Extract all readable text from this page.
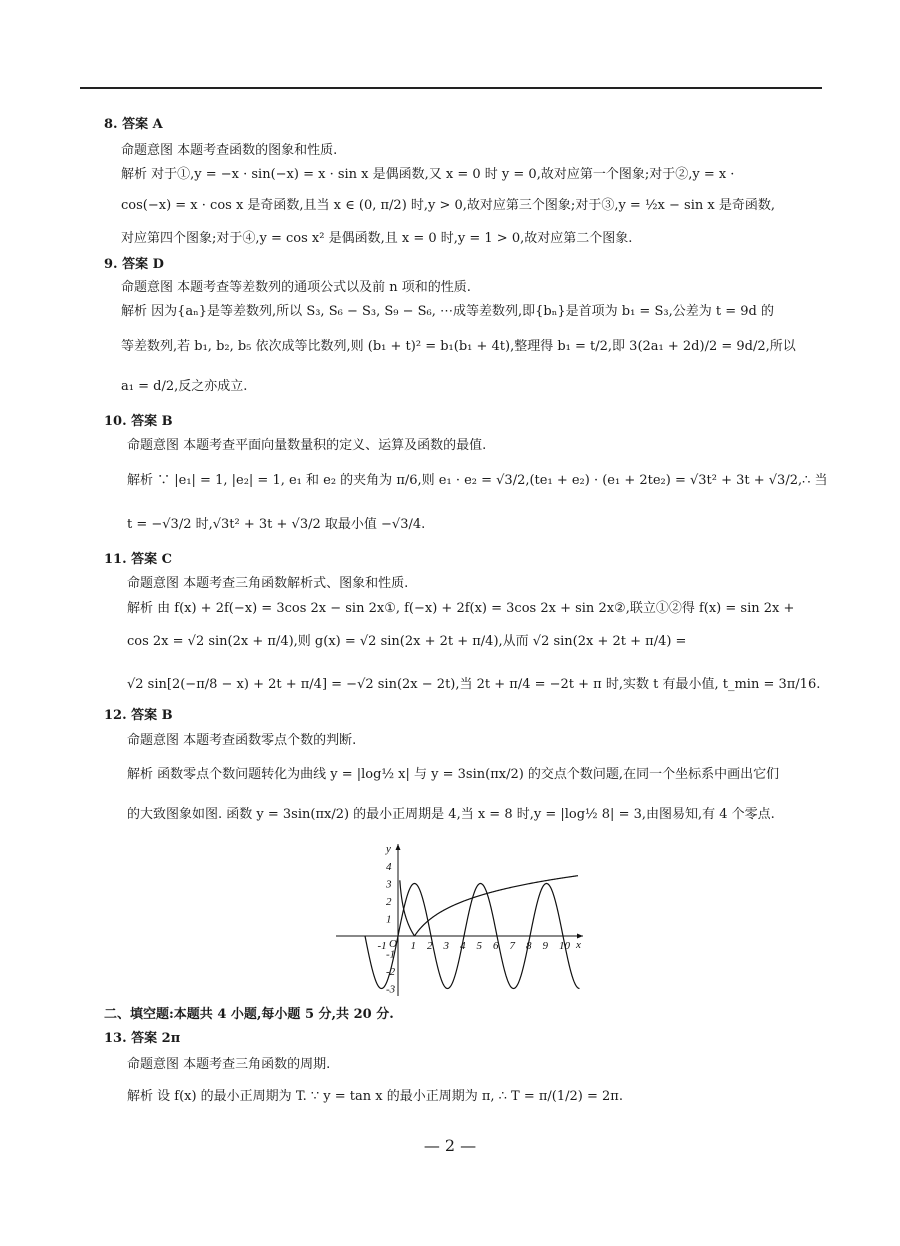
8. 答案 A
命题意图 本题考查函数的图象和性质.
解析 对于①,y = −x · sin(−x) = x · sin x 是偶函数,又 x = 0 时 y = 0,故对应第一个图象;对于②,y = x ·
cos(−x) = x · cos x 是奇函数,且当 x ∈ (0, π/2) 时,y > 0,故对应第三个图象;对于③,y = ½x − sin x 是奇函数,
对应第四个图象;对于④,y = cos x² 是偶函数,且 x = 0 时,y = 1 > 0,故对应第二个图象.
9. 答案 D
命题意图 本题考查等差数列的通项公式以及前 n 项和的性质.
解析 因为{aₙ}是等差数列,所以 S₃, S₆ − S₃, S₉ − S₆, ⋯成等差数列,即{bₙ}是首项为 b₁ = S₃,公差为 t = 9d 的
等差数列,若 b₁, b₂, b₅ 依次成等比数列,则 (b₁ + t)² = b₁(b₁ + 4t),整理得 b₁ = t/2,即 3(2a₁ + 2d)/2 = 9d/2,所以
a₁ = d/2,反之亦成立.
10. 答案 B
命题意图 本题考查平面向量数量积的定义、运算及函数的最值.
解析 ∵ |e₁| = 1, |e₂| = 1, e₁ 和 e₂ 的夹角为 π/6,则 e₁ · e₂ = √3/2,(te₁ + e₂) · (e₁ + 2te₂) = √3t² + 3t + √3/2,∴ 当
t = −√3/2 时,√3t² + 3t + √3/2 取最小值 −√3/4.
11. 答案 C
命题意图 本题考查三角函数解析式、图象和性质.
解析 由 f(x) + 2f(−x) = 3cos 2x − sin 2x①, f(−x) + 2f(x) = 3cos 2x + sin 2x②,联立①②得 f(x) = sin 2x +
cos 2x = √2 sin(2x + π/4),则 g(x) = √2 sin(2x + 2t + π/4),从而 √2 sin(2x + 2t + π/4) =
√2 sin[2(−π/8 − x) + 2t + π/4] = −√2 sin(2x − 2t),当 2t + π/4 = −2t + π 时,实数 t 有最小值, t_min = 3π/16.
12. 答案 B
命题意图 本题考查函数零点个数的判断.
解析 函数零点个数问题转化为曲线 y = |log½ x| 与 y = 3sin(πx/2) 的交点个数问题,在同一个坐标系中画出它们
的大致图象如图. 函数 y = 3sin(πx/2) 的最小正周期是 4,当 x = 8 时,y = |log½ 8| = 3,由图易知,有 4 个零点.
4
3
2
1
-1
-2
-3
-1 1 2 3 4 5 6 7 8 9 10
O
y
x
二、填空题:本题共 4 小题,每小题 5 分,共 20 分.
13. 答案 2π
命题意图 本题考查三角函数的周期.
解析 设 f(x) 的最小正周期为 T. ∵ y = tan x 的最小正周期为 π, ∴ T = π/(1/2) = 2π.
— 2 —
